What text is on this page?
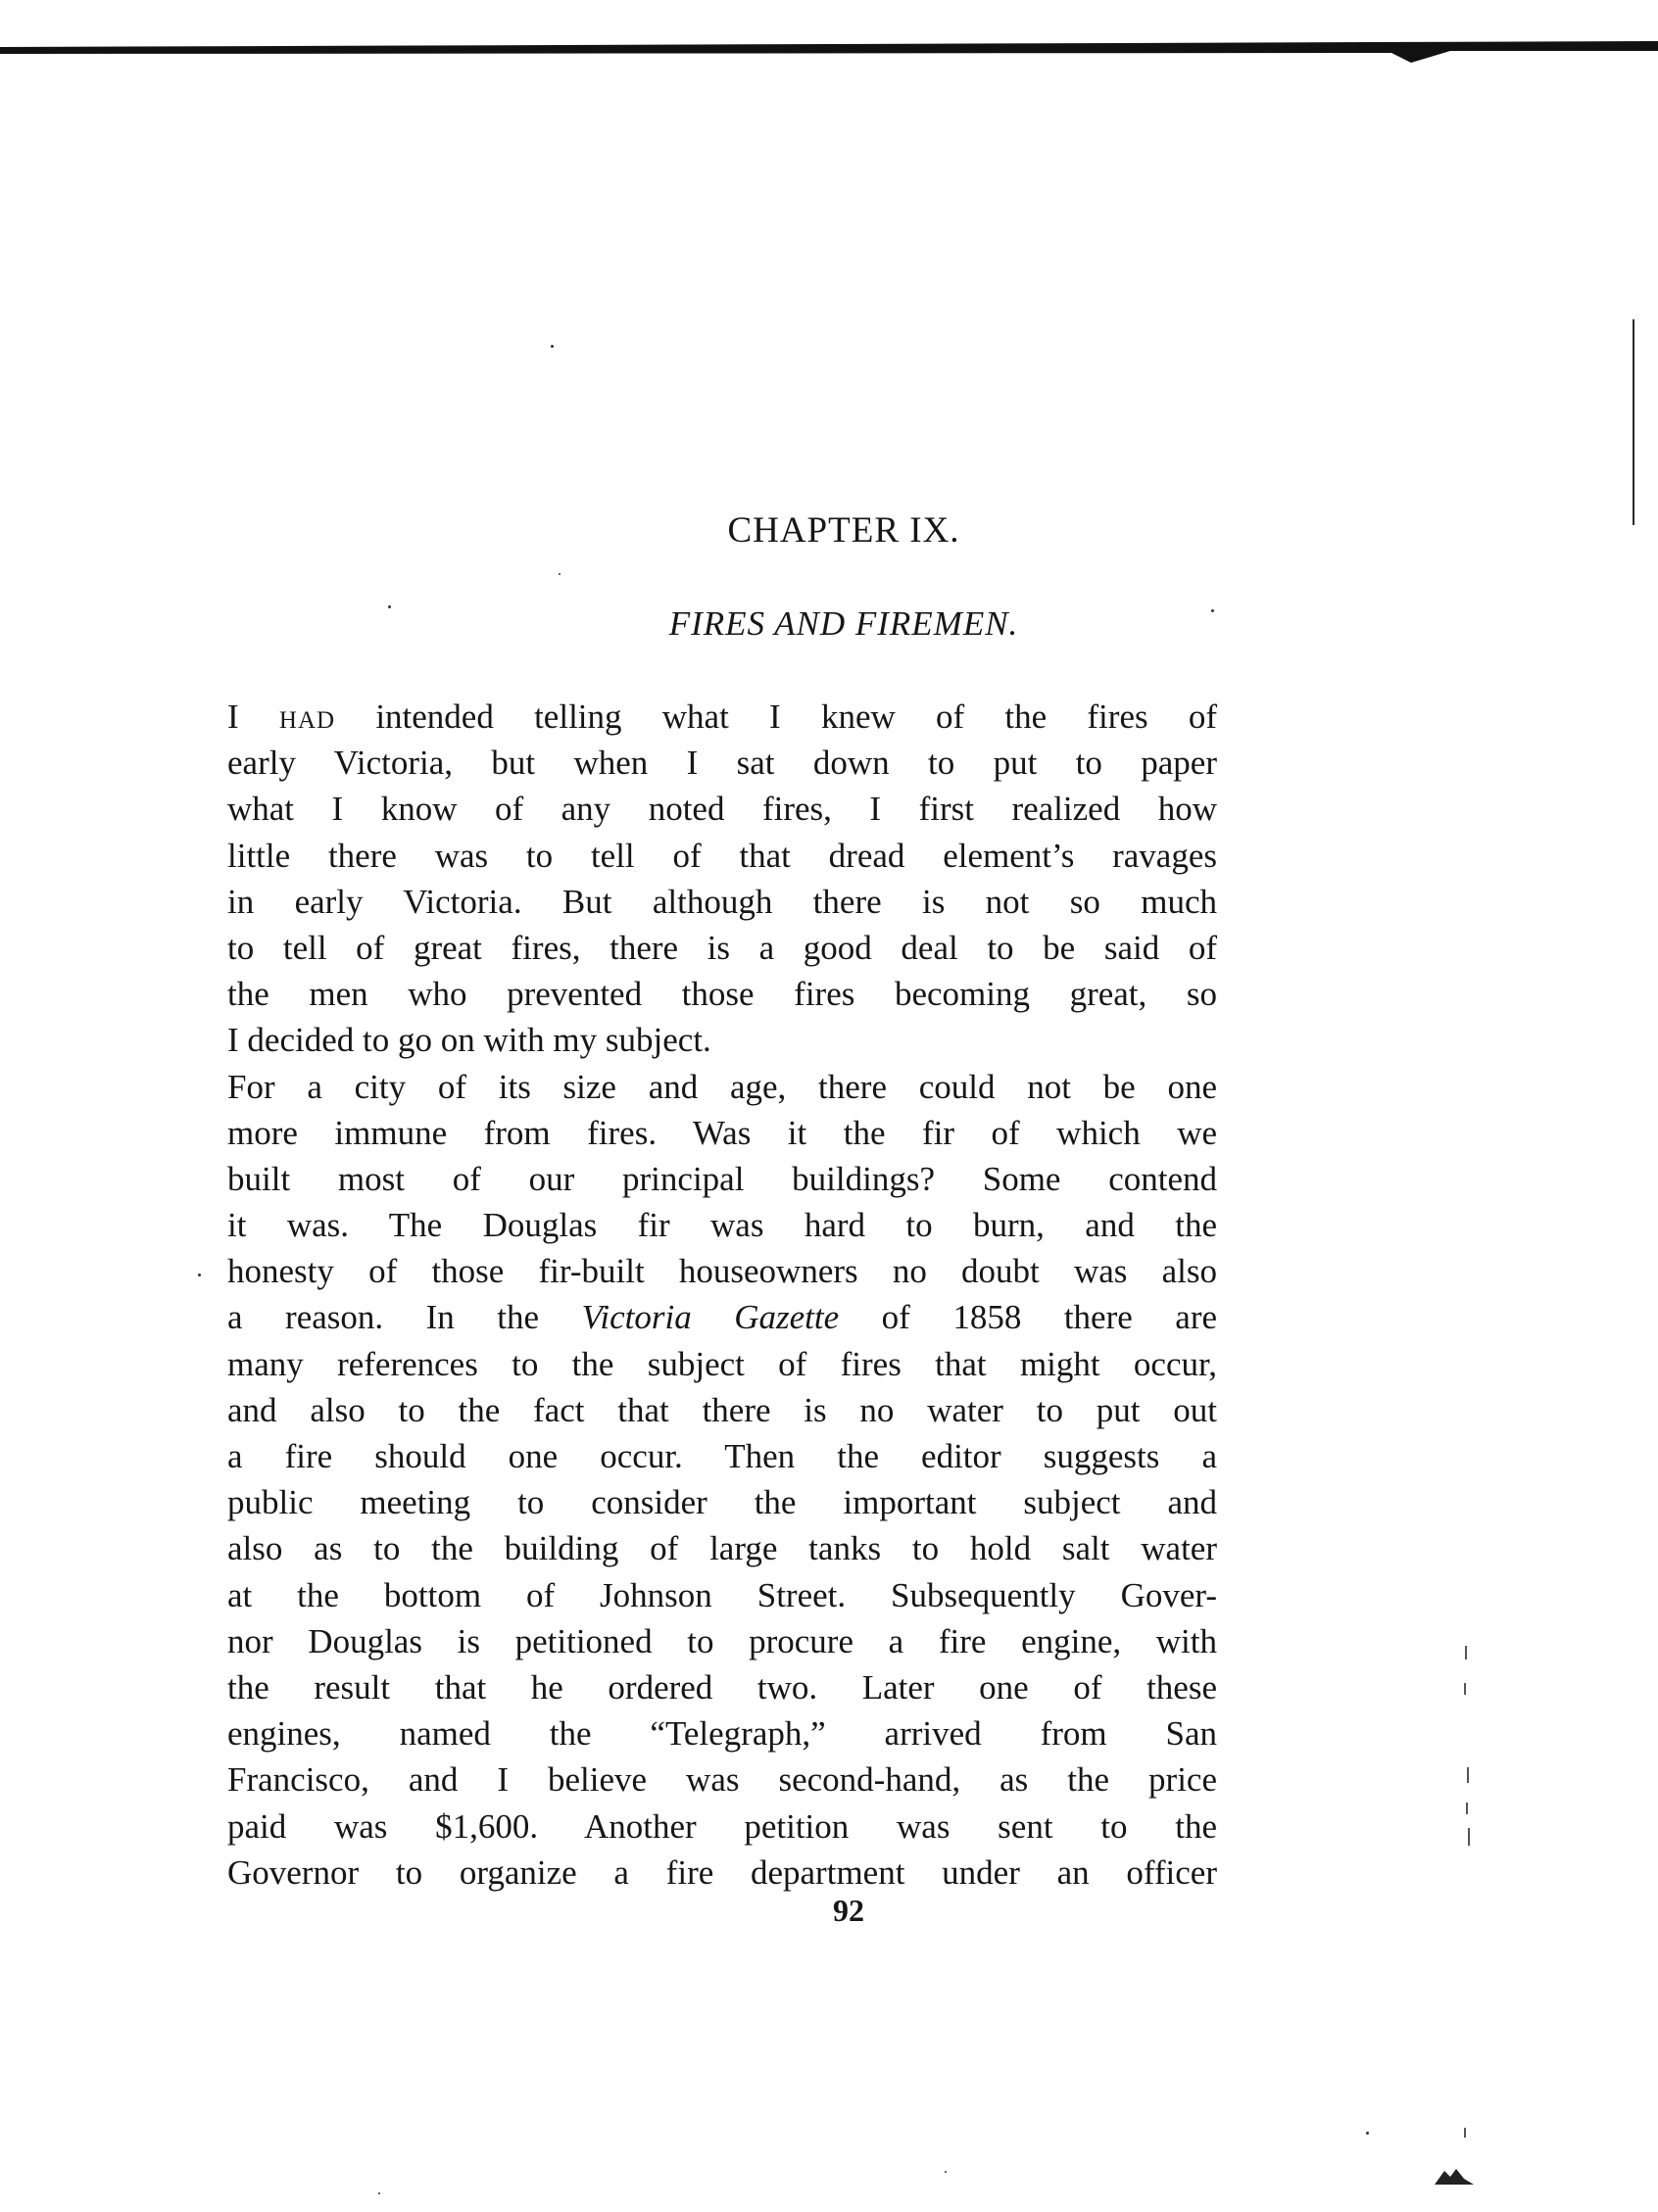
CHAPTER IX.
FIRES AND FIREMEN.
I had intended telling what I knew of the fires of
early Victoria, but when I sat down to put to paper
what I know of any noted fires, I first realized how
little there was to tell of that dread element’s ravages
in early Victoria. But although there is not so much
to tell of great fires, there is a good deal to be said of
the men who prevented those fires becoming great, so
I decided to go on with my subject.
For a city of its size and age, there could not be one
more immune from fires. Was it the fir of which we
built most of our principal buildings? Some contend
it was. The Douglas fir was hard to burn, and the
honesty of those fir-built houseowners no doubt was also
a reason. In the Victoria Gazette of 1858 there are
many references to the subject of fires that might occur,
and also to the fact that there is no water to put out
a fire should one occur. Then the editor suggests a
public meeting to consider the important subject and
also as to the building of large tanks to hold salt water
at the bottom of Johnson Street. Subsequently Gover-
nor Douglas is petitioned to procure a fire engine, with
the result that he ordered two. Later one of these
engines, named the “Telegraph,” arrived from San
Francisco, and I believe was second-hand, as the price
paid was $1,600. Another petition was sent to the
Governor to organize a fire department under an officer
92
